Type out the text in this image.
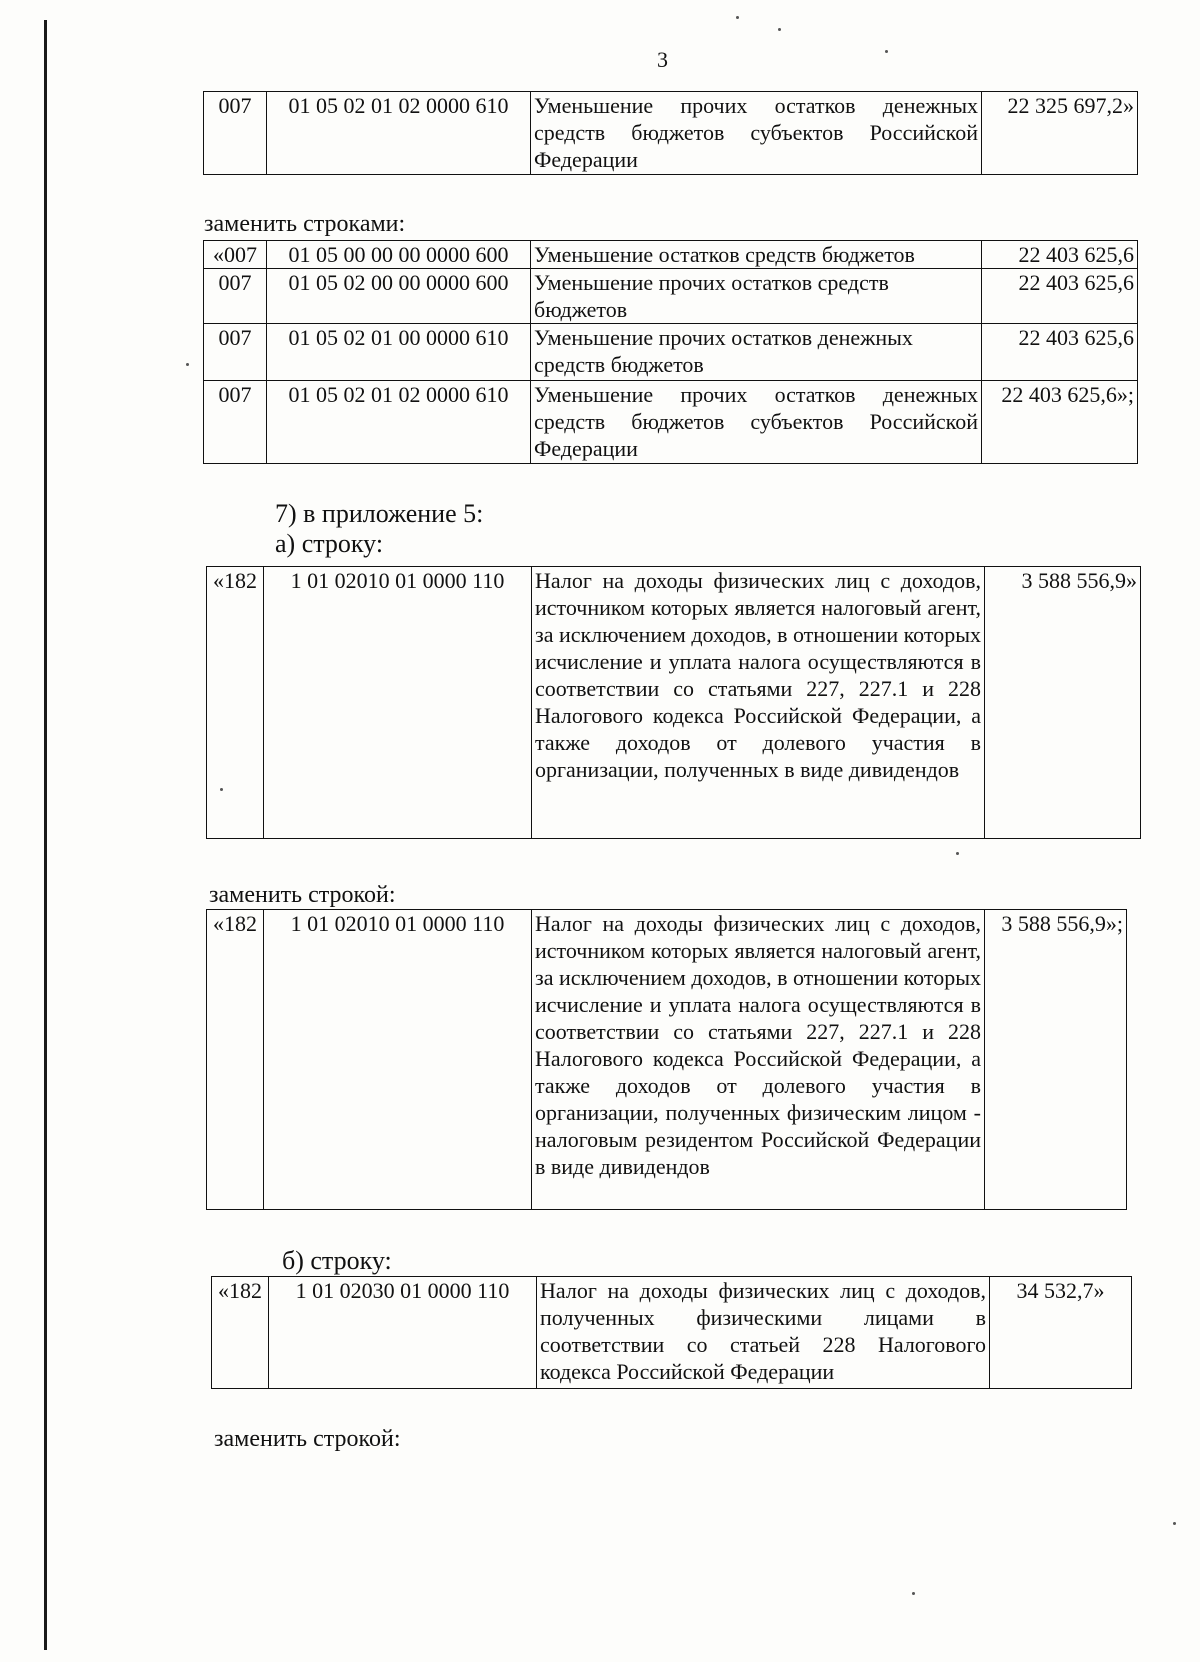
3
007	01 05 02 01 02 0000 610	Уменьшение прочих остатков денежных средств бюджетов субъектов Российской Федерации	22 325 697,2»
заменить строками:
«007	01 05 00 00 00 0000 600	Уменьшение остатков средств бюджетов	22 403 625,6
007	01 05 02 00 00 0000 600	Уменьшение прочих остатков средств бюджетов	22 403 625,6
007	01 05 02 01 00 0000 610	Уменьшение прочих остатков денежных средств бюджетов	22 403 625,6
007	01 05 02 01 02 0000 610	Уменьшение прочих остатков денежных средств бюджетов субъектов Российской Федерации	22 403 625,6»;
7) в приложение 5:
а) строку:
«182	1 01 02010 01 0000 110	Налог на доходы физических лиц с доходов, источником которых является налоговый агент, за исключением доходов, в отношении которых исчисление и уплата налога осуществляются в соответствии со статьями 227, 227.1 и 228 Налогового кодекса Российской Федерации, а также доходов от долевого участия в организации, полученных в виде дивидендов	3 588 556,9»
заменить строкой:
«182	1 01 02010 01 0000 110	Налог на доходы физических лиц с доходов, источником которых является налоговый агент, за исключением доходов, в отношении которых исчисление и уплата налога осуществляются в соответствии со статьями 227, 227.1 и 228 Налогового кодекса Российской Федерации, а также доходов от долевого участия в организации, полученных физическим лицом - налоговым резидентом Российской Федерации в виде дивидендов	3 588 556,9»;
б) строку:
«182	1 01 02030 01 0000 110	Налог на доходы физических лиц с доходов, полученных физическими лицами в соответствии со статьей 228 Налогового кодекса Российской Федерации	34 532,7»
заменить строкой:
